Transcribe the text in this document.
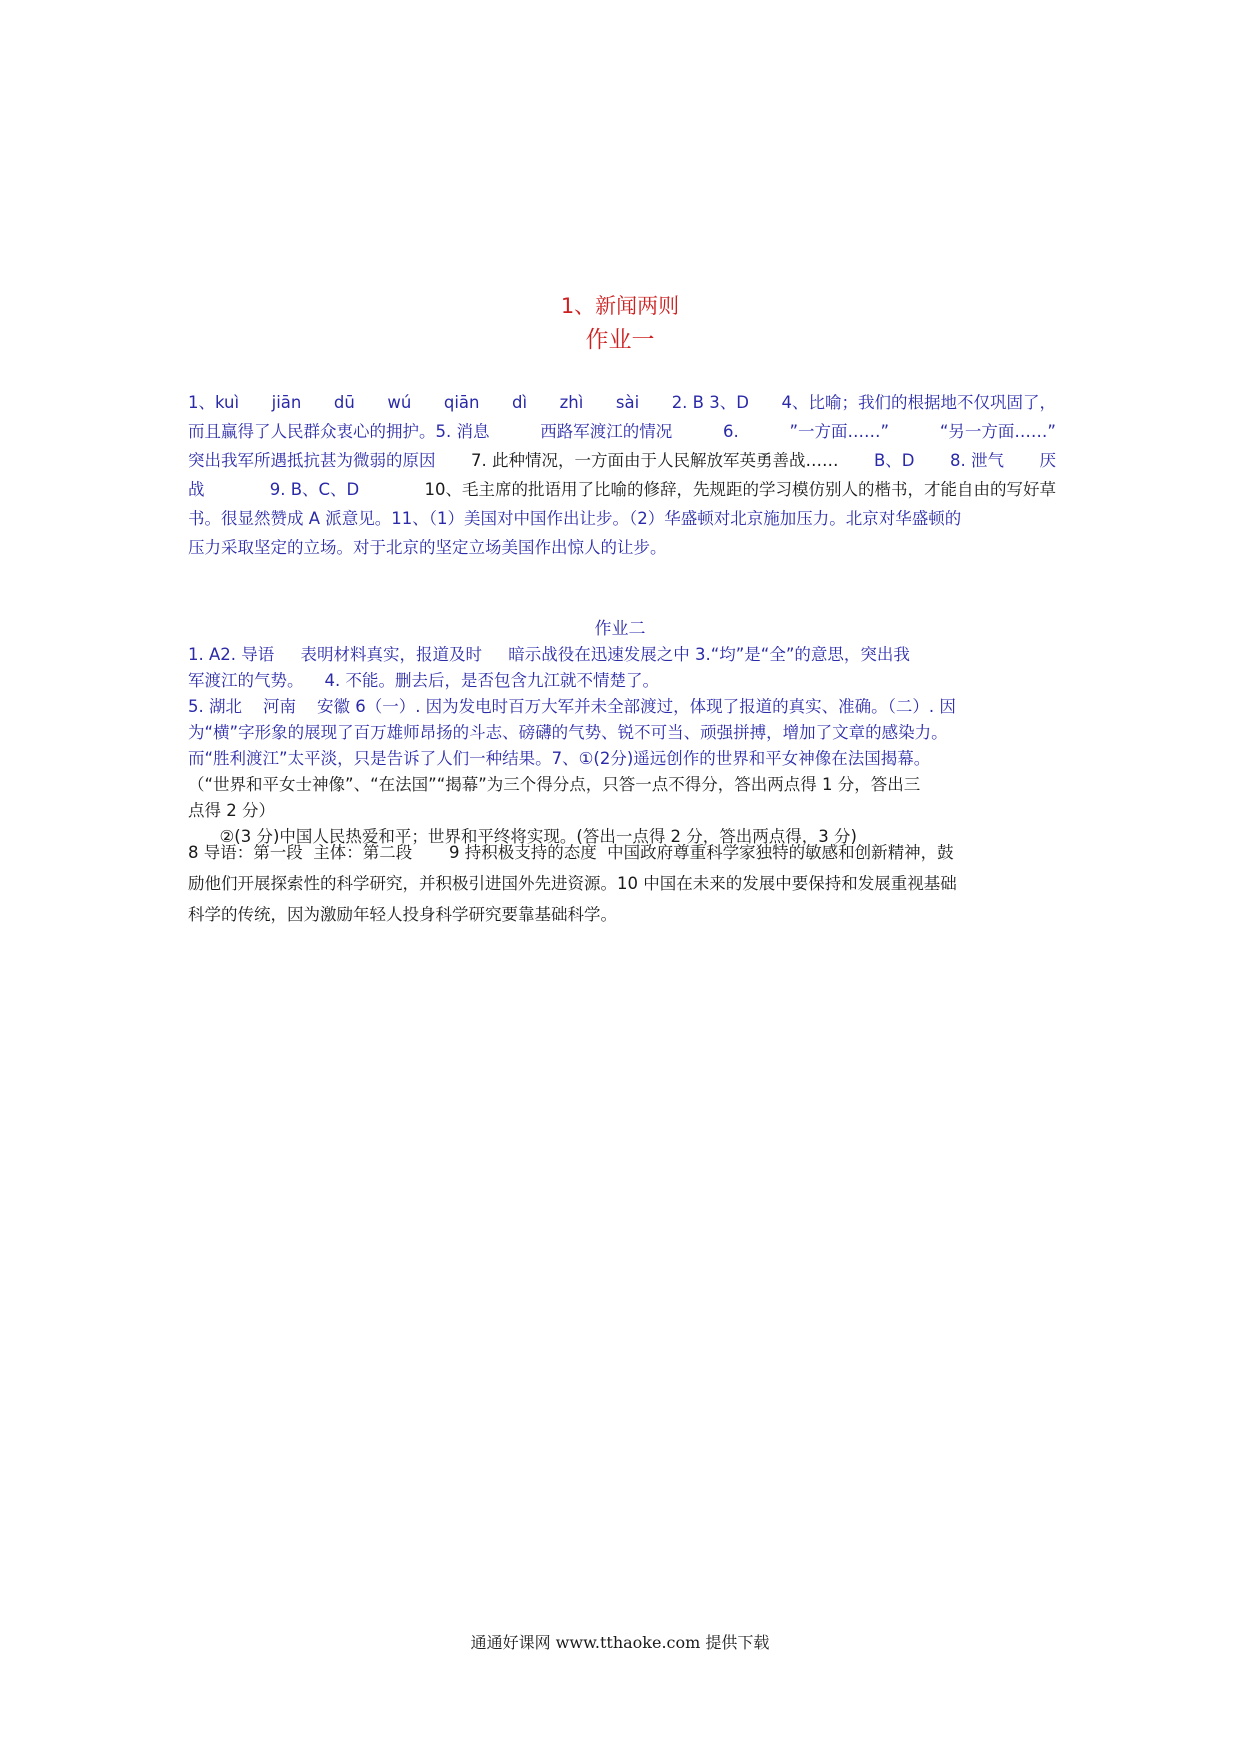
1、新闻两则
作业一
1、kuì jiān dū wú qiān dì zhì sài 2. B 3、D 4、比喻；我们的根据地不仅巩固了，
而且赢得了人民群众衷心的拥护。5. 消息	西路军渡江的情况	6.	”一方面……”	“另一方面……”
突出我军所遇抵抗甚为微弱的原因 7. 此种情况，一方面由于人民解放军英勇善战…… B、D 8. 泄气 厌
战	9. B、C、D	10、毛主席的批语用了比喻的修辞，先规距的学习模仿别人的楷书，才能自由的写好草
书。很显然赞成 A 派意见。11、（1）美国对中国作出让步。（2）华盛顿对北京施加压力。北京对华盛顿的
压力采取坚定的立场。对于北京的坚定立场美国作出惊人的让步。
作业二
1. A2. 导语     表明材料真实，报道及时     暗示战役在迅速发展之中 3.“均”是“全”的意思，突出我
军渡江的气势。    4. 不能。删去后，是否包含九江就不情楚了。
5. 湖北    河南    安徽 6（一）. 因为发电时百万大军并未全部渡过，体现了报道的真实、准确。（二）. 因
为“横”字形象的展现了百万雄师昂扬的斗志、磅礴的气势、锐不可当、顽强拼搏，增加了文章的感染力。
而“胜利渡江”太平淡，只是告诉了人们一种结果。7、①(2分)遥远创作的世界和平女神像在法国揭幕。
（“世界和平女士神像”、“在法国”“揭幕”为三个得分点，只答一点不得分，答出两点得 1 分，答出三
点得 2 分）
②(3 分)中国人民热爱和平；世界和平终将实现。(答出一点得 2 分，答出两点得，3 分)
8 导语：第一段  主体：第二段       9 持积极支持的态度  中国政府尊重科学家独特的敏感和创新精神，鼓
励他们开展探索性的科学研究，并积极引进国外先进资源。10 中国在未来的发展中要保持和发展重视基础
科学的传统，因为激励年轻人投身科学研究要靠基础科学。
通通好课网 www.tthaoke.com 提供下载
